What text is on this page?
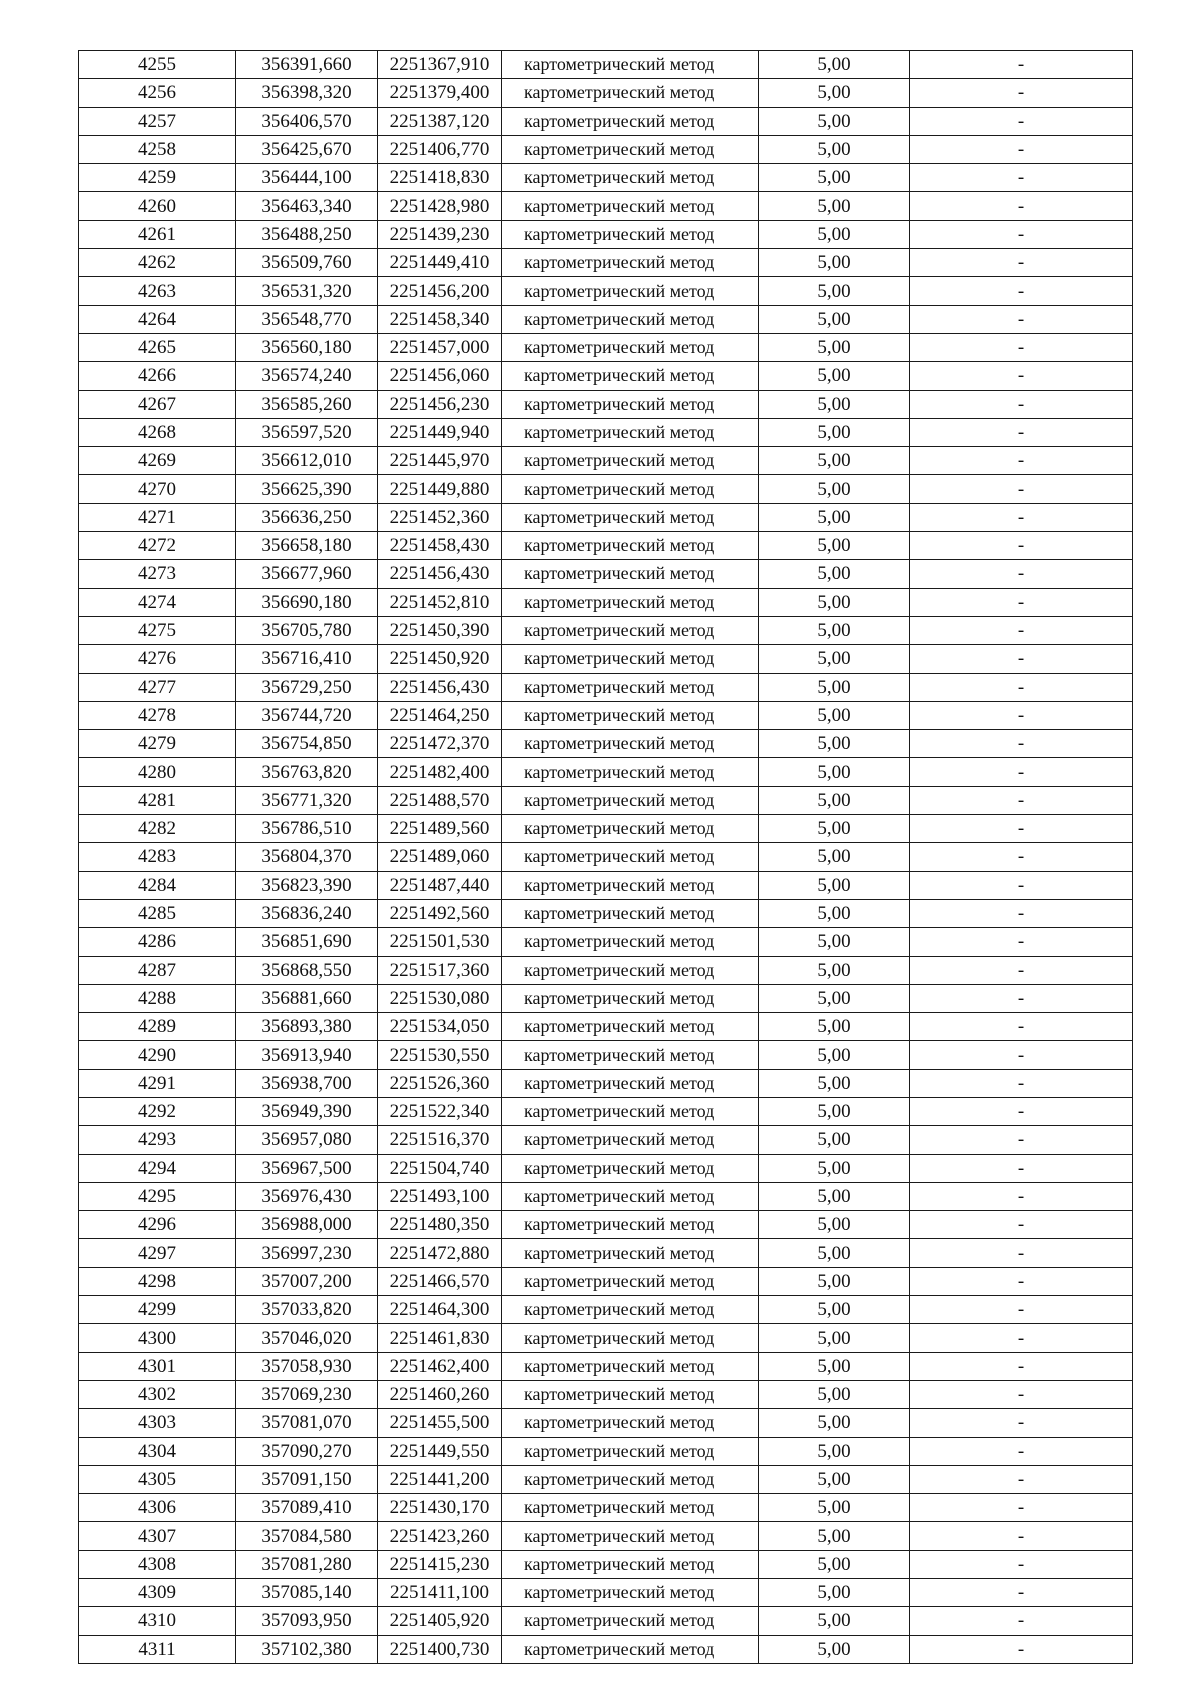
4255	356391,660	2251367,910	картометрический метод	5,00	-
4256	356398,320	2251379,400	картометрический метод	5,00	-
4257	356406,570	2251387,120	картометрический метод	5,00	-
4258	356425,670	2251406,770	картометрический метод	5,00	-
4259	356444,100	2251418,830	картометрический метод	5,00	-
4260	356463,340	2251428,980	картометрический метод	5,00	-
4261	356488,250	2251439,230	картометрический метод	5,00	-
4262	356509,760	2251449,410	картометрический метод	5,00	-
4263	356531,320	2251456,200	картометрический метод	5,00	-
4264	356548,770	2251458,340	картометрический метод	5,00	-
4265	356560,180	2251457,000	картометрический метод	5,00	-
4266	356574,240	2251456,060	картометрический метод	5,00	-
4267	356585,260	2251456,230	картометрический метод	5,00	-
4268	356597,520	2251449,940	картометрический метод	5,00	-
4269	356612,010	2251445,970	картометрический метод	5,00	-
4270	356625,390	2251449,880	картометрический метод	5,00	-
4271	356636,250	2251452,360	картометрический метод	5,00	-
4272	356658,180	2251458,430	картометрический метод	5,00	-
4273	356677,960	2251456,430	картометрический метод	5,00	-
4274	356690,180	2251452,810	картометрический метод	5,00	-
4275	356705,780	2251450,390	картометрический метод	5,00	-
4276	356716,410	2251450,920	картометрический метод	5,00	-
4277	356729,250	2251456,430	картометрический метод	5,00	-
4278	356744,720	2251464,250	картометрический метод	5,00	-
4279	356754,850	2251472,370	картометрический метод	5,00	-
4280	356763,820	2251482,400	картометрический метод	5,00	-
4281	356771,320	2251488,570	картометрический метод	5,00	-
4282	356786,510	2251489,560	картометрический метод	5,00	-
4283	356804,370	2251489,060	картометрический метод	5,00	-
4284	356823,390	2251487,440	картометрический метод	5,00	-
4285	356836,240	2251492,560	картометрический метод	5,00	-
4286	356851,690	2251501,530	картометрический метод	5,00	-
4287	356868,550	2251517,360	картометрический метод	5,00	-
4288	356881,660	2251530,080	картометрический метод	5,00	-
4289	356893,380	2251534,050	картометрический метод	5,00	-
4290	356913,940	2251530,550	картометрический метод	5,00	-
4291	356938,700	2251526,360	картометрический метод	5,00	-
4292	356949,390	2251522,340	картометрический метод	5,00	-
4293	356957,080	2251516,370	картометрический метод	5,00	-
4294	356967,500	2251504,740	картометрический метод	5,00	-
4295	356976,430	2251493,100	картометрический метод	5,00	-
4296	356988,000	2251480,350	картометрический метод	5,00	-
4297	356997,230	2251472,880	картометрический метод	5,00	-
4298	357007,200	2251466,570	картометрический метод	5,00	-
4299	357033,820	2251464,300	картометрический метод	5,00	-
4300	357046,020	2251461,830	картометрический метод	5,00	-
4301	357058,930	2251462,400	картометрический метод	5,00	-
4302	357069,230	2251460,260	картометрический метод	5,00	-
4303	357081,070	2251455,500	картометрический метод	5,00	-
4304	357090,270	2251449,550	картометрический метод	5,00	-
4305	357091,150	2251441,200	картометрический метод	5,00	-
4306	357089,410	2251430,170	картометрический метод	5,00	-
4307	357084,580	2251423,260	картометрический метод	5,00	-
4308	357081,280	2251415,230	картометрический метод	5,00	-
4309	357085,140	2251411,100	картометрический метод	5,00	-
4310	357093,950	2251405,920	картометрический метод	5,00	-
4311	357102,380	2251400,730	картометрический метод	5,00	-
